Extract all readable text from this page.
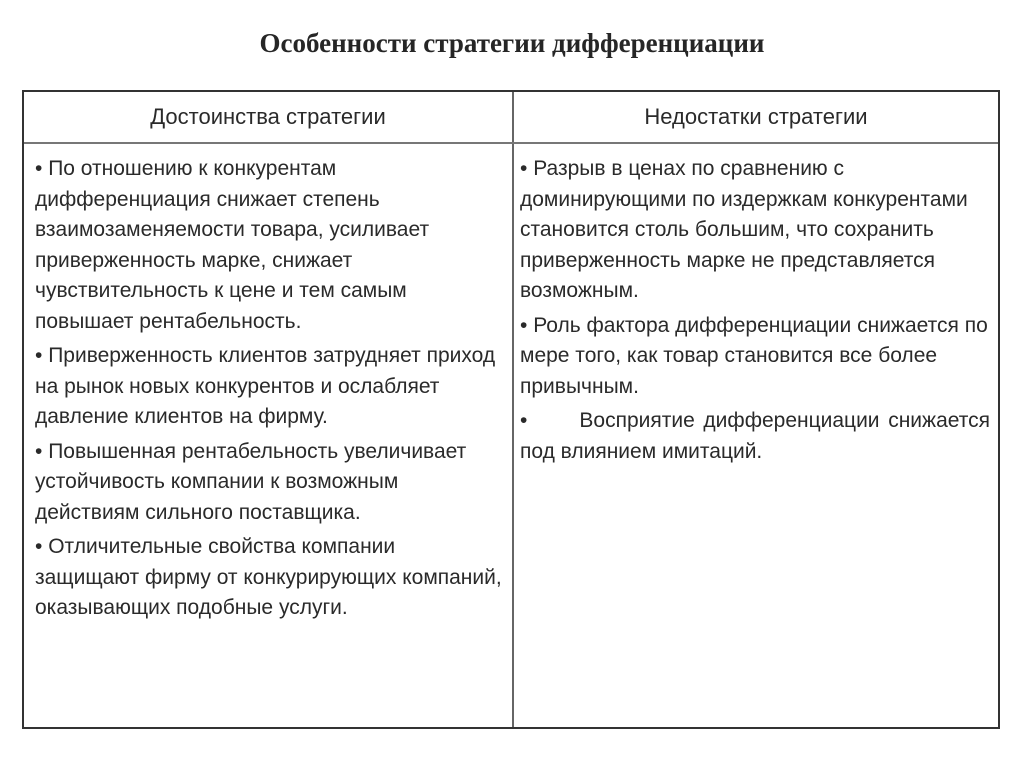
Особенности стратегии дифференциации
Достоинства стратегии	Недостатки стратегии

• По отношению к конкурентам дифференциация снижает степень взаимозаменяемости товара, усиливает приверженность марке, снижает чувствительность к цене и тем самым повышает рентабельность.

• Приверженность клиентов затрудняет приход на рынок новых конкурентов и ослабляет давление клиентов на фирму.

• Повышенная рентабельность увеличивает устойчивость компании к возможным действиям сильного поставщика.

• Отличительные свойства компании защищают фирму от конкурирующих компаний, оказывающих подобные услуги.

• Разрыв в ценах по сравнению с доминирующими по издержкам конкурентами становится столь большим, что сохранить приверженность марке не представляется возможным.

• Роль фактора дифференциации снижается по мере того, как товар становится все более привычным.

• Восприятие дифференциации снижается под влиянием имитаций.
